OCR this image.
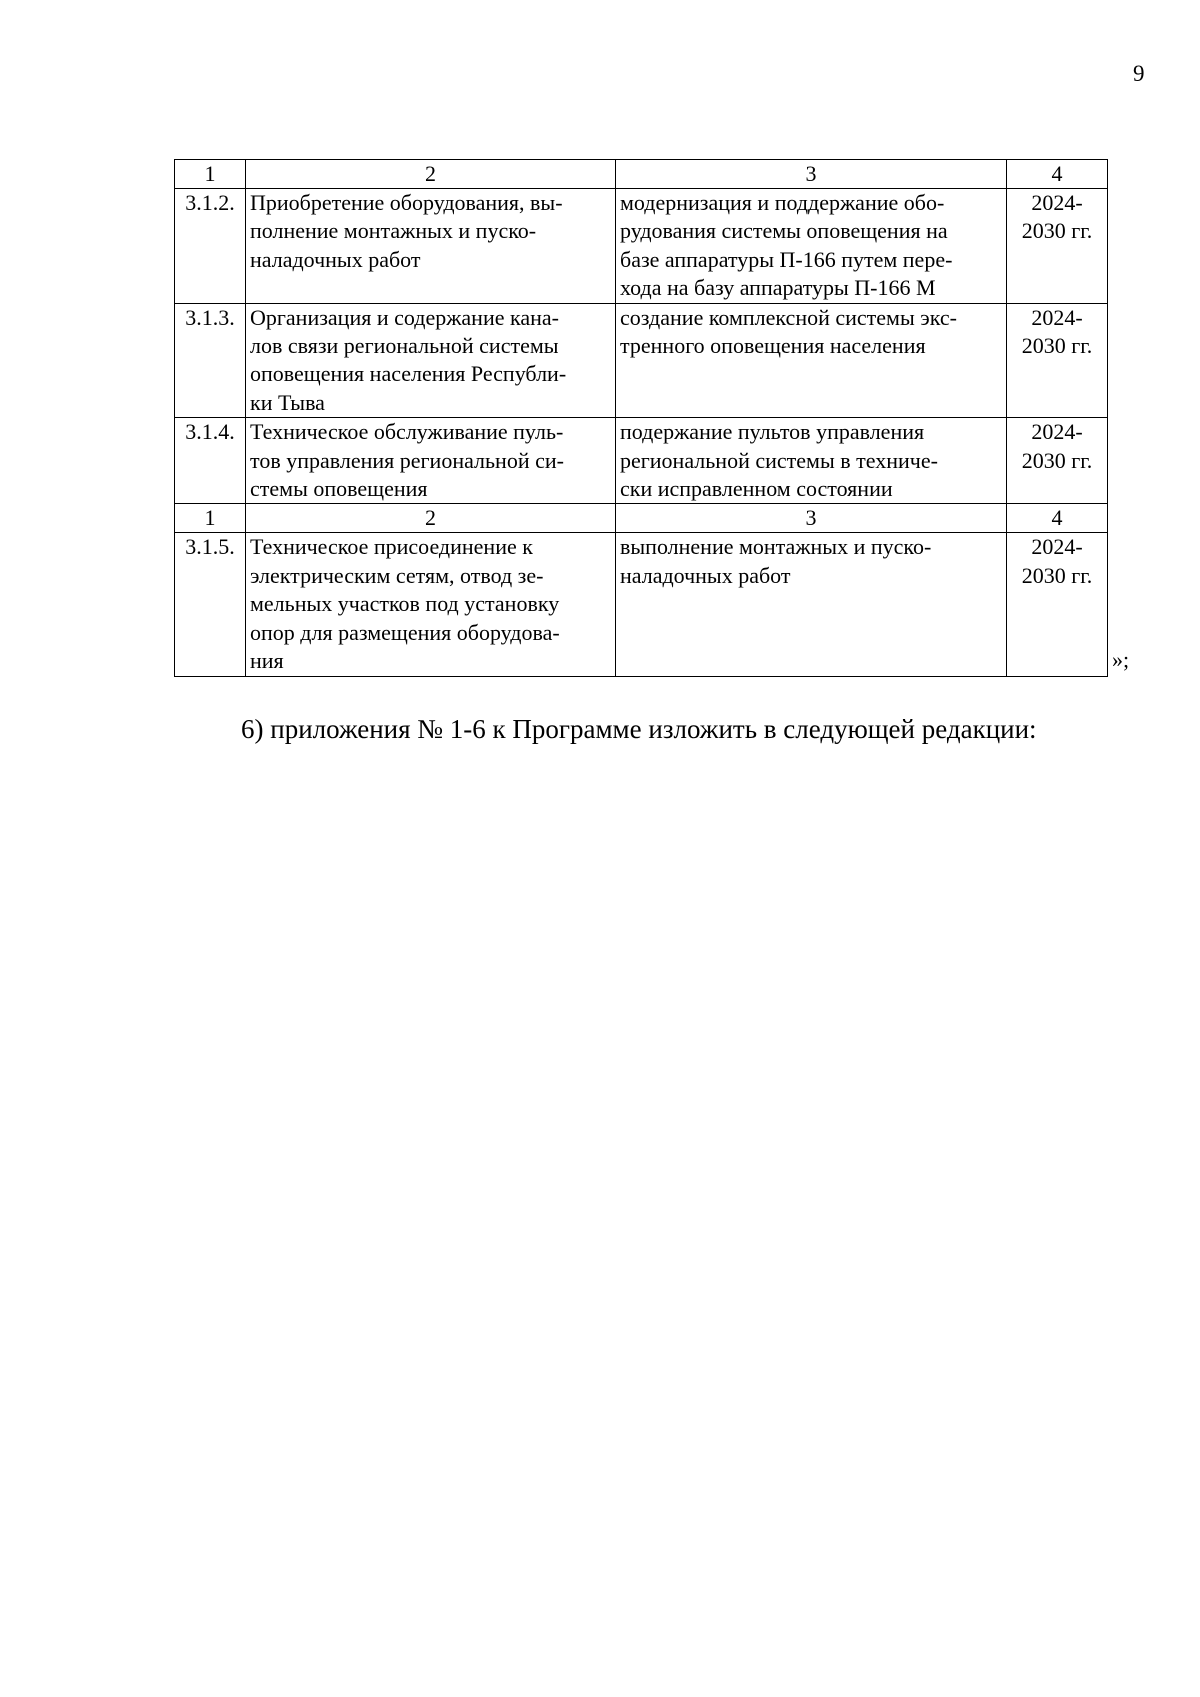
9
1	2	3	4
3.1.2.	Приобретение оборудования, вы-
полнение монтажных и пуско-
наладочных работ	модернизация и поддержание обо-
рудования системы оповещения на
базе аппаратуры П-166 путем пере-
хода на базу аппаратуры П-166 М	2024-
2030 гг.

3.1.3.	Организация и содержание кана-
лов связи региональной системы
оповещения населения Республи-
ки Тыва	создание комплексной системы экс-
тренного оповещения населения	2024-
2030 гг.

3.1.4.	Техническое обслуживание пуль-
тов управления региональной си-
стемы оповещения	подержание пультов управления
региональной системы в техниче-
ски исправленном состоянии	2024-
2030 гг.

1	2	3	4
3.1.5.	Техническое присоединение к
электрическим сетям, отвод зе-
мельных участков под установку
опор для размещения оборудова-
ния	выполнение монтажных и пуско-
наладочных работ	2024-
2030 гг.
»;
6) приложения № 1-6 к Программе изложить в следующей редакции:
